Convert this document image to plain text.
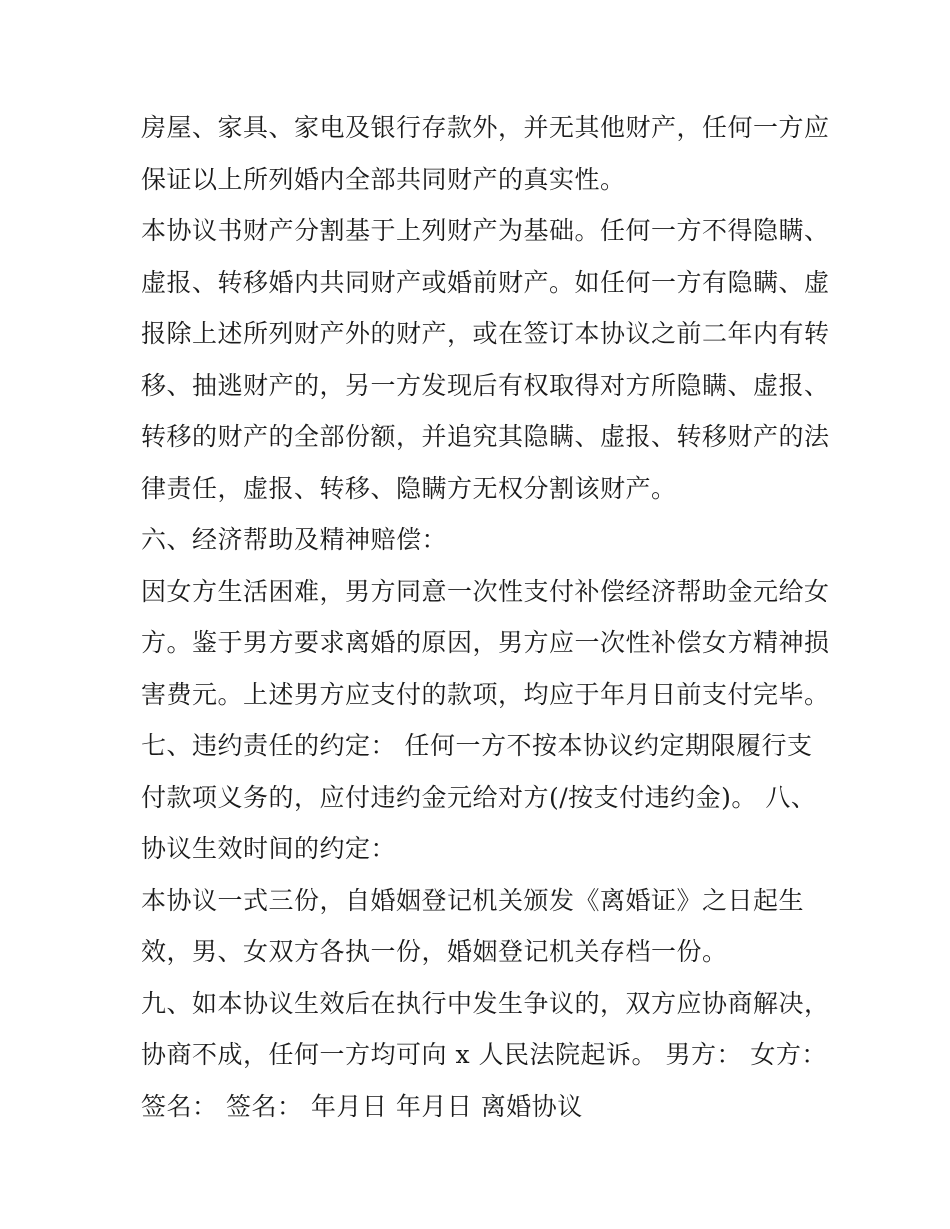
房屋、家具、家电及银行存款外，并无其他财产，任何一方应
保证以上所列婚内全部共同财产的真实性。
本协议书财产分割基于上列财产为基础。任何一方不得隐瞒、
虚报、转移婚内共同财产或婚前财产。如任何一方有隐瞒、虚
报除上述所列财产外的财产，或在签订本协议之前二年内有转
移、抽逃财产的，另一方发现后有权取得对方所隐瞒、虚报、
转移的财产的全部份额，并追究其隐瞒、虚报、转移财产的法
律责任，虚报、转移、隐瞒方无权分割该财产。
六、经济帮助及精神赔偿：
因女方生活困难，男方同意一次性支付补偿经济帮助金元给女
方。鉴于男方要求离婚的原因，男方应一次性补偿女方精神损
害费元。上述男方应支付的款项，均应于年月日前支付完毕。
七、违约责任的约定： 任何一方不按本协议约定期限履行支
付款项义务的，应付违约金元给对方(/按支付违约金)。 八、
协议生效时间的约定：
本协议一式三份，自婚姻登记机关颁发《离婚证》之日起生
效，男、女双方各执一份，婚姻登记机关存档一份。
九、如本协议生效后在执行中发生争议的，双方应协商解决，
协商不成，任何一方均可向 x 人民法院起诉。 男方： 女方：
签名： 签名： 年月日 年月日 离婚协议
